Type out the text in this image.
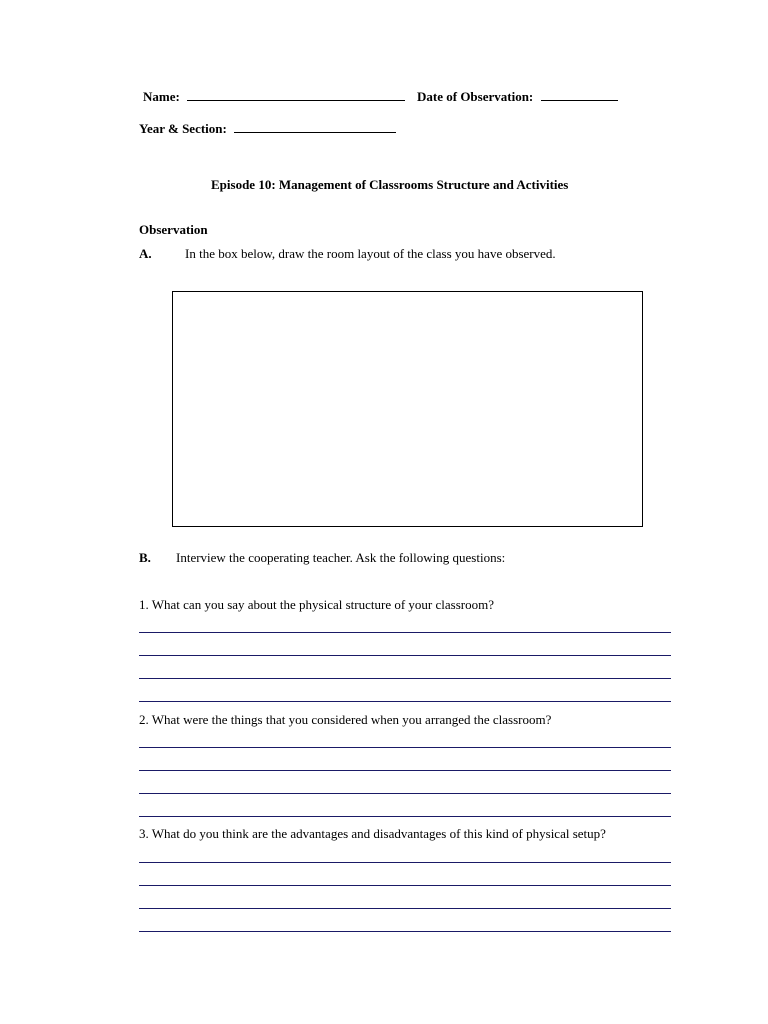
Name:	Date of Observation:
Year & Section:
Episode 10: Management of Classrooms Structure and Activities
Observation
A.	In the box below, draw the room layout of the class you have observed.
B. Interview the cooperating teacher. Ask the following questions:
1. What can you say about the physical structure of your classroom?
2. What were the things that you considered when you arranged the classroom?
3. What do you think are the advantages and disadvantages of this kind of physical setup?
